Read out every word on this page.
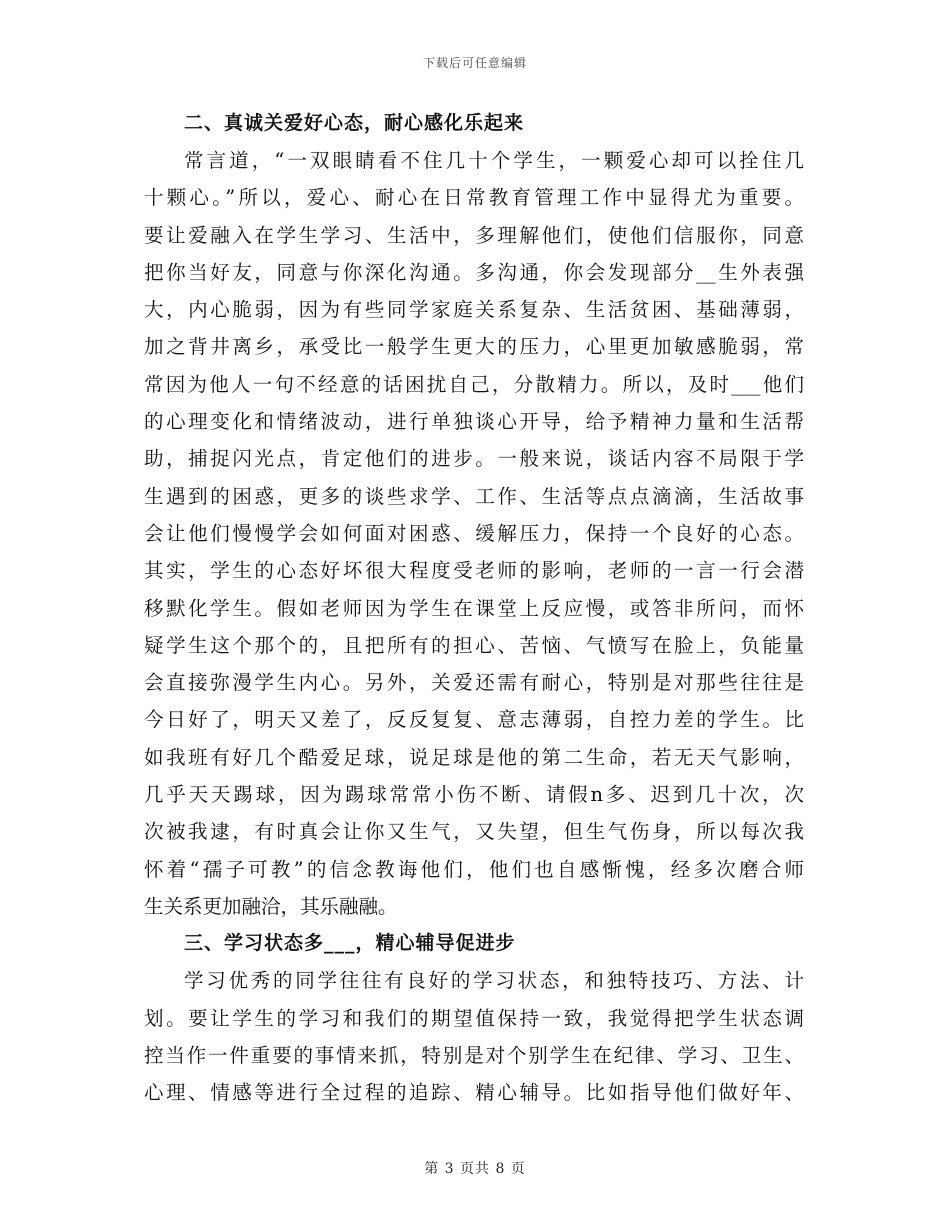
下载后可任意编辑
二、真诚关爱好心态，耐心感化乐起来
常言道，“一双眼睛看不住几十个学生，一颗爱心却可以拴住几
十颗心。”所以，爱心、耐心在日常教育管理工作中显得尤为重要。
要让爱融入在学生学习、生活中，多理解他们，使他们信服你，同意
把你当好友，同意与你深化沟通。多沟通，你会发现部分__生外表强
大，内心脆弱，因为有些同学家庭关系复杂、生活贫困、基础薄弱，
加之背井离乡，承受比一般学生更大的压力，心里更加敏感脆弱，常
常因为他人一句不经意的话困扰自己，分散精力。所以，及时___他们
的心理变化和情绪波动，进行单独谈心开导，给予精神力量和生活帮
助，捕捉闪光点，肯定他们的进步。一般来说，谈话内容不局限于学
生遇到的困惑，更多的谈些求学、工作、生活等点点滴滴，生活故事
会让他们慢慢学会如何面对困惑、缓解压力，保持一个良好的心态。
其实，学生的心态好坏很大程度受老师的影响，老师的一言一行会潜
移默化学生。假如老师因为学生在课堂上反应慢，或答非所问，而怀
疑学生这个那个的，且把所有的担心、苦恼、气愤写在脸上，负能量
会直接弥漫学生内心。另外，关爱还需有耐心，特别是对那些往往是
今日好了，明天又差了，反反复复、意志薄弱，自控力差的学生。比
如我班有好几个酷爱足球，说足球是他的第二生命，若无天气影响，
几乎天天踢球，因为踢球常常小伤不断、请假n多、迟到几十次，次
次被我逮，有时真会让你又生气，又失望，但生气伤身，所以每次我
怀着“孺子可教”的信念教诲他们，他们也自感惭愧，经多次磨合师
生关系更加融洽，其乐融融。
三、学习状态多___，精心辅导促进步
学习优秀的同学往往有良好的学习状态，和独特技巧、方法、计
划。要让学生的学习和我们的期望值保持一致，我觉得把学生状态调
控当作一件重要的事情来抓，特别是对个别学生在纪律、学习、卫生、
心理、情感等进行全过程的追踪、精心辅导。比如指导他们做好年、
第 3 页共 8 页
